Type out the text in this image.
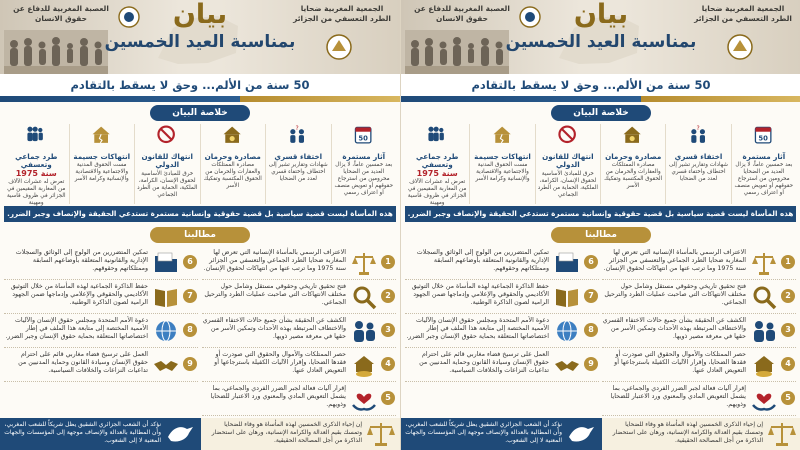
العصبة المغربية للدفاع عن حقوق الانسان
الجمعية المغربية ضحايا الطرد التعسفي من الجزائر
بيان
بمناسبة العيد الخمسين
50 سنة من الألم... وحق لا يسقط بالتقادم
خلاصة البيان
50
آثار مستمرة
بعد خمسين عاماً، لا يزال العديد من الضحايا محرومين من استرجاع حقوقهم أو تعويض منصف أو اعتراف رسمي
?
اختفاء قسري
شهادات وتقارير تشير إلى اختطاف واختفاء قسري لعدد من الضحايا
مصادرة وحرمان
مصادرة الممتلكات والعقارات والحرمان من الحقوق المكتسبة وتفكيك الأسر
انتهاك للقانون الدولي
خرق للمبادئ الأساسية لحقوق الإنسان، الكرامة، الملكية، الحماية من الطرد الجماعي
انتهاكات جسيمة
مست الحقوق المدنية والاجتماعية والاقتصادية والإنسانية وكرامة الأسر
طرد جماعي وتعسفي
سنة 1975
تعرض له عشرات الآلاف من المغاربة المقيمين في الجزائر في ظروف قاسية ومهينة
هذه المأساة ليست قضية سياسية بل قضية حقوقية وإنسانية مستمرة تستدعي الحقيقة والإنصاف وجبر الضرر.
مطالبنا
1
الاعتراف الرسمي بالمأساة الإنسانية التي تعرض لها المغاربة ضحايا الطرد الجماعي والتعسفي من الجزائر سنة 1975 وما ترتب عنها من انتهاكات لحقوق الإنسان.
2
فتح تحقيق تاريخي وحقوقي مستقل وشامل حول مختلف الانتهاكات التي صاحبت عمليات الطرد والترحيل الجماعي.
3
الكشف عن الحقيقة بشأن جميع حالات الاختفاء القسري والاختطاف المرتبطة بهذه الأحداث وتمكين الأسر من حقها في معرفة مصير ذويها.
4
حصر الممتلكات والأموال والحقوق التي صودرت أو فقدها الضحايا، وإقرار الآليات الكفيلة باسترجاعها أو التعويض العادل عنها.
5
إقرار آليات فعالة لجبر الضرر الفردي والجماعي، بما يشمل التعويض المادي والمعنوي ورد الاعتبار للضحايا وذويهم.
6
تمكين المتضررين من الولوج إلى الوثائق والسجلات الإدارية والقانونية المتعلقة بأوضاعهم السابقة وممتلكاتهم وحقوقهم.
7
حفظ الذاكرة الجماعية لهذه المأساة من خلال التوثيق الأكاديمي والحقوقي والإعلامي وإدماجها ضمن الجهود الرامية لصون الذاكرة الوطنية.
8
دعوة الأمم المتحدة ومجلس حقوق الإنسان والآليات الأممية المختصة إلى متابعة هذا الملف في إطار اختصاصاتها المتعلقة بحماية حقوق الإنسان وجبر الضرر.
9
العمل على ترسيخ فضاء مغاربي قائم على احترام حقوق الإنسان وسيادة القانون وحماية المدنيين من تداعيات النزاعات والخلافات السياسية.
إن إحياء الذكرى الخمسين لهذه المأساة هو وفاء للضحايا وتمسك بقيم العدالة والكرامة الإنسانية، ورهان على استحضار الذاكرة من أجل المصالحة الحقيقية.
نؤكد أن الشعب الجزائري الشقيق يظل شريكاً للشعب المغربي، وأن المطالبة بالعدالة والإنصاف موجهة إلى المؤسسات والجهات المعنية لا إلى الشعوب.
العصبة المغربية للدفاع عن حقوق الانسان
الجمعية المغربية ضحايا الطرد التعسفي من الجزائر
بيان
بمناسبة العيد الخمسين
50 سنة من الألم... وحق لا يسقط بالتقادم
خلاصة البيان
50
آثار مستمرة
بعد خمسين عاماً، لا يزال العديد من الضحايا محرومين من استرجاع حقوقهم أو تعويض منصف أو اعتراف رسمي
?
اختفاء قسري
شهادات وتقارير تشير إلى اختطاف واختفاء قسري لعدد من الضحايا
مصادرة وحرمان
مصادرة الممتلكات والعقارات والحرمان من الحقوق المكتسبة وتفكيك الأسر
انتهاك للقانون الدولي
خرق للمبادئ الأساسية لحقوق الإنسان، الكرامة، الملكية، الحماية من الطرد الجماعي
انتهاكات جسيمة
مست الحقوق المدنية والاجتماعية والاقتصادية والإنسانية وكرامة الأسر
طرد جماعي وتعسفي
سنة 1975
تعرض له عشرات الآلاف من المغاربة المقيمين في الجزائر في ظروف قاسية ومهينة
هذه المأساة ليست قضية سياسية بل قضية حقوقية وإنسانية مستمرة تستدعي الحقيقة والإنصاف وجبر الضرر.
مطالبنا
1
الاعتراف الرسمي بالمأساة الإنسانية التي تعرض لها المغاربة ضحايا الطرد الجماعي والتعسفي من الجزائر سنة 1975 وما ترتب عنها من انتهاكات لحقوق الإنسان.
2
فتح تحقيق تاريخي وحقوقي مستقل وشامل حول مختلف الانتهاكات التي صاحبت عمليات الطرد والترحيل الجماعي.
3
الكشف عن الحقيقة بشأن جميع حالات الاختفاء القسري والاختطاف المرتبطة بهذه الأحداث وتمكين الأسر من حقها في معرفة مصير ذويها.
4
حصر الممتلكات والأموال والحقوق التي صودرت أو فقدها الضحايا، وإقرار الآليات الكفيلة باسترجاعها أو التعويض العادل عنها.
5
إقرار آليات فعالة لجبر الضرر الفردي والجماعي، بما يشمل التعويض المادي والمعنوي ورد الاعتبار للضحايا وذويهم.
6
تمكين المتضررين من الولوج إلى الوثائق والسجلات الإدارية والقانونية المتعلقة بأوضاعهم السابقة وممتلكاتهم وحقوقهم.
7
حفظ الذاكرة الجماعية لهذه المأساة من خلال التوثيق الأكاديمي والحقوقي والإعلامي وإدماجها ضمن الجهود الرامية لصون الذاكرة الوطنية.
8
دعوة الأمم المتحدة ومجلس حقوق الإنسان والآليات الأممية المختصة إلى متابعة هذا الملف في إطار اختصاصاتها المتعلقة بحماية حقوق الإنسان وجبر الضرر.
9
العمل على ترسيخ فضاء مغاربي قائم على احترام حقوق الإنسان وسيادة القانون وحماية المدنيين من تداعيات النزاعات والخلافات السياسية.
إن إحياء الذكرى الخمسين لهذه المأساة هو وفاء للضحايا وتمسك بقيم العدالة والكرامة الإنسانية، ورهان على استحضار الذاكرة من أجل المصالحة الحقيقية.
نؤكد أن الشعب الجزائري الشقيق يظل شريكاً للشعب المغربي، وأن المطالبة بالعدالة والإنصاف موجهة إلى المؤسسات والجهات المعنية لا إلى الشعوب.
